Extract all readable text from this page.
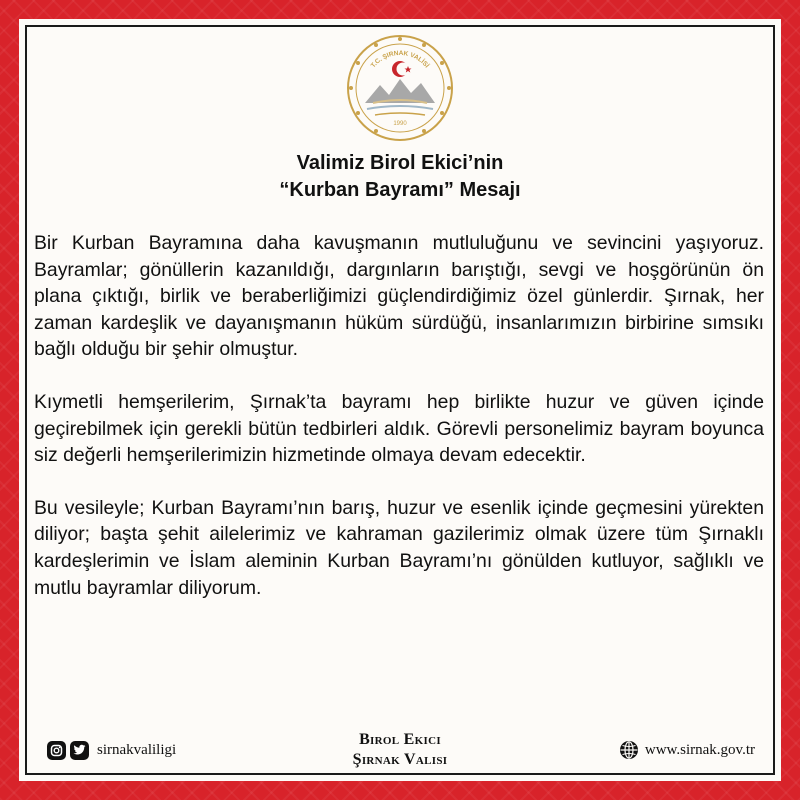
T.C. ŞIRNAK VALİSİ
1990
Valimiz Birol Ekici’nin
“Kurban Bayramı” Mesajı

Bir Kurban Bayramına daha kavuşmanın mutluluğunu ve sevincini yaşıyoruz. Bayramlar; gönüllerin kazanıldığı, dargınların barıştığı, sevgi ve hoşgörünün ön plana çıktığı, birlik ve beraberliğimizi güçlendirdiğimiz özel günlerdir. Şırnak, her zaman kardeşlik ve dayanışmanın hüküm sürdüğü, insanlarımızın birbirine sımsıkı bağlı olduğu bir şehir olmuştur.

Kıymetli hemşerilerim, Şırnak’ta bayramı hep birlikte huzur ve güven içinde geçirebilmek için gerekli bütün tedbirleri aldık. Görevli personelimiz bayram boyunca siz değerli hemşerilerimizin hizmetinde olmaya devam edecektir.

Bu vesileyle; Kurban Bayramı’nın barış, huzur ve esenlik içinde geçmesini yürekten diliyor; başta şehit ailelerimiz ve kahraman gazilerimiz olmak üzere tüm Şırnaklı kardeşlerimin ve İslam aleminin Kurban Bayramı’nı gönülden kutluyor, sağlıklı ve mutlu bayramlar diliyorum.

sirnakvaliligi
Birol Ekici
Şırnak Valisi
www.sirnak.gov.tr
